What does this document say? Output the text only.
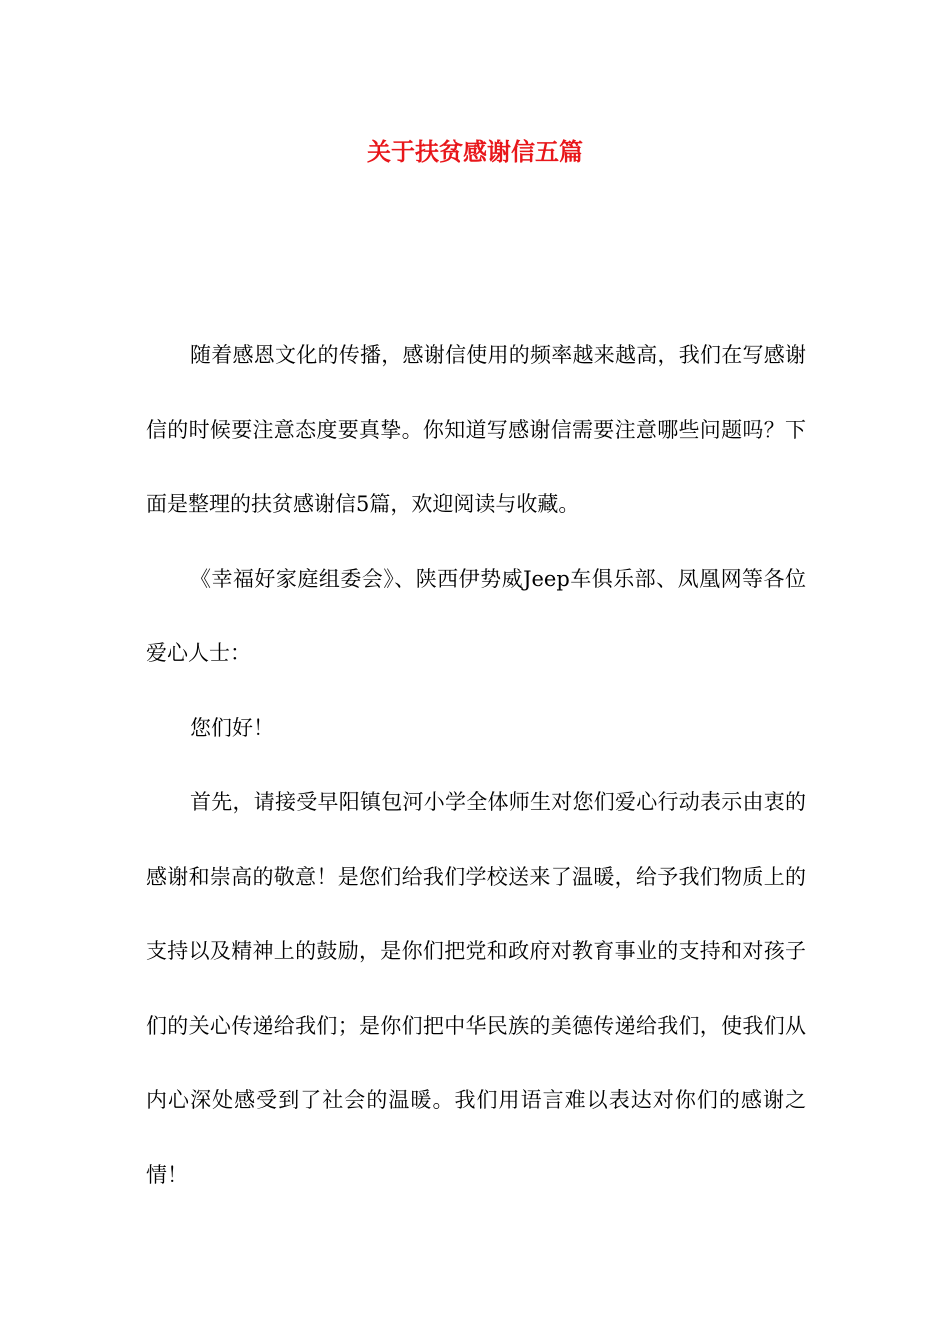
关于扶贫感谢信五篇

随着感恩文化的传播，感谢信使用的频率越来越高，我们在写感谢信的时候要注意态度要真挚。你知道写感谢信需要注意哪些问题吗？下面是整理的扶贫感谢信5篇，欢迎阅读与收藏。

《幸福好家庭组委会》、陕西伊势威Jeep车俱乐部、凤凰网等各位爱心人士：

您们好！

首先，请接受早阳镇包河小学全体师生对您们爱心行动表示由衷的感谢和崇高的敬意！是您们给我们学校送来了温暖，给予我们物质上的支持以及精神上的鼓励，是你们把党和政府对教育事业的支持和对孩子们的关心传递给我们；是你们把中华民族的美德传递给我们，使我们从内心深处感受到了社会的温暖。我们用语言难以表达对你们的感谢之情！
